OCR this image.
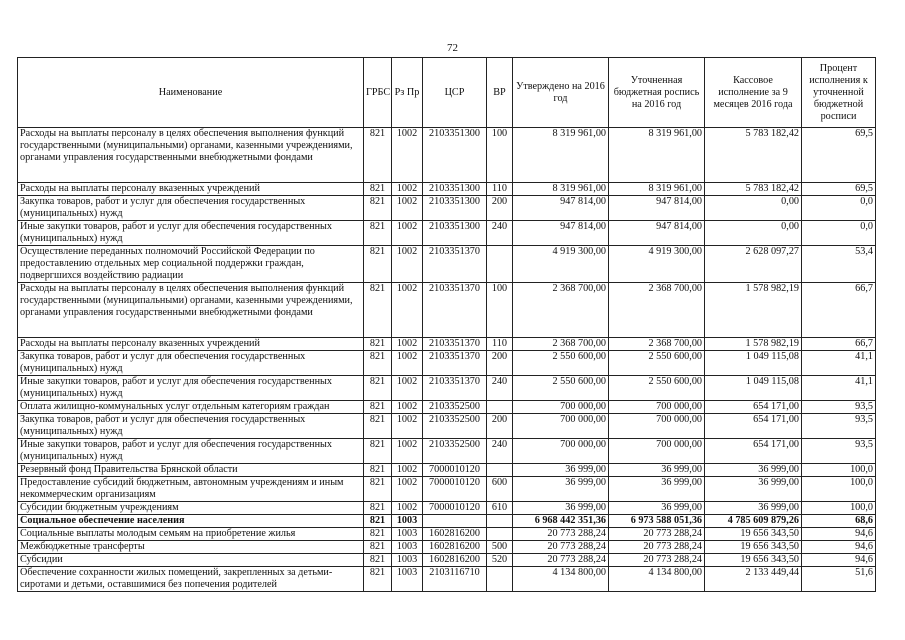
72
Наименование	ГРБС	Рз Пр	ЦСР	ВР	Утверждено на 2016 год	Уточненная бюджетная роспись на 2016 год	Кассовое исполнение за 9 месяцев 2016 года	Процент исполнения к уточненной бюджетной росписи
Расходы на выплаты персоналу в целях обеспечения выполнения функций государственными (муниципальными) органами, казенными учреждениями, органами управления государственными внебюджетными фондами	821	1002	2103351300	100	8 319 961,00	8 319 961,00	5 783 182,42	69,5
Расходы на выплаты персоналу вказенных учреждений	821	1002	2103351300	110	8 319 961,00	8 319 961,00	5 783 182,42	69,5
Закупка товаров, работ и услуг для обеспечения государственных (муниципальных) нужд	821	1002	2103351300	200	947 814,00	947 814,00	0,00	0,0
Иные закупки товаров, работ и услуг для обеспечения государственных (муниципальных) нужд	821	1002	2103351300	240	947 814,00	947 814,00	0,00	0,0
Осуществление переданных полномочий Российской Федерации по предоставлению отдельных мер социальной поддержки граждан, подвергшихся воздействию радиации	821	1002	2103351370		4 919 300,00	4 919 300,00	2 628 097,27	53,4
Расходы на выплаты персоналу в целях обеспечения выполнения функций государственными (муниципальными) органами, казенными учреждениями, органами управления государственными внебюджетными фондами	821	1002	2103351370	100	2 368 700,00	2 368 700,00	1 578 982,19	66,7
Расходы на выплаты персоналу вказенных учреждений	821	1002	2103351370	110	2 368 700,00	2 368 700,00	1 578 982,19	66,7
Закупка товаров, работ и услуг для обеспечения государственных (муниципальных) нужд	821	1002	2103351370	200	2 550 600,00	2 550 600,00	1 049 115,08	41,1
Иные закупки товаров, работ и услуг для обеспечения государственных (муниципальных) нужд	821	1002	2103351370	240	2 550 600,00	2 550 600,00	1 049 115,08	41,1
Оплата жилищно-коммунальных услуг отдельным категориям граждан	821	1002	2103352500		700 000,00	700 000,00	654 171,00	93,5
Закупка товаров, работ и услуг для обеспечения государственных (муниципальных) нужд	821	1002	2103352500	200	700 000,00	700 000,00	654 171,00	93,5
Иные закупки товаров, работ и услуг для обеспечения государственных (муниципальных) нужд	821	1002	2103352500	240	700 000,00	700 000,00	654 171,00	93,5
Резервный фонд Правительства Брянской области	821	1002	7000010120		36 999,00	36 999,00	36 999,00	100,0
Предоставление субсидий бюджетным, автономным учреждениям и иным некоммерческим организациям	821	1002	7000010120	600	36 999,00	36 999,00	36 999,00	100,0
Субсидии бюджетным учреждениям	821	1002	7000010120	610	36 999,00	36 999,00	36 999,00	100,0
Социальное обеспечение населения	821	1003			6 968 442 351,36	6 973 588 051,36	4 785 609 879,26	68,6
Социальные выплаты молодым семьям на приобретение жилья	821	1003	1602816200		20 773 288,24	20 773 288,24	19 656 343,50	94,6
Межбюджетные трансферты	821	1003	1602816200	500	20 773 288,24	20 773 288,24	19 656 343,50	94,6
Субсидии	821	1003	1602816200	520	20 773 288,24	20 773 288,24	19 656 343,50	94,6
Обеспечение сохранности жилых помещений, закрепленных за детьми-сиротами и детьми, оставшимися без попечения родителей	821	1003	2103116710		4 134 800,00	4 134 800,00	2 133 449,44	51,6
